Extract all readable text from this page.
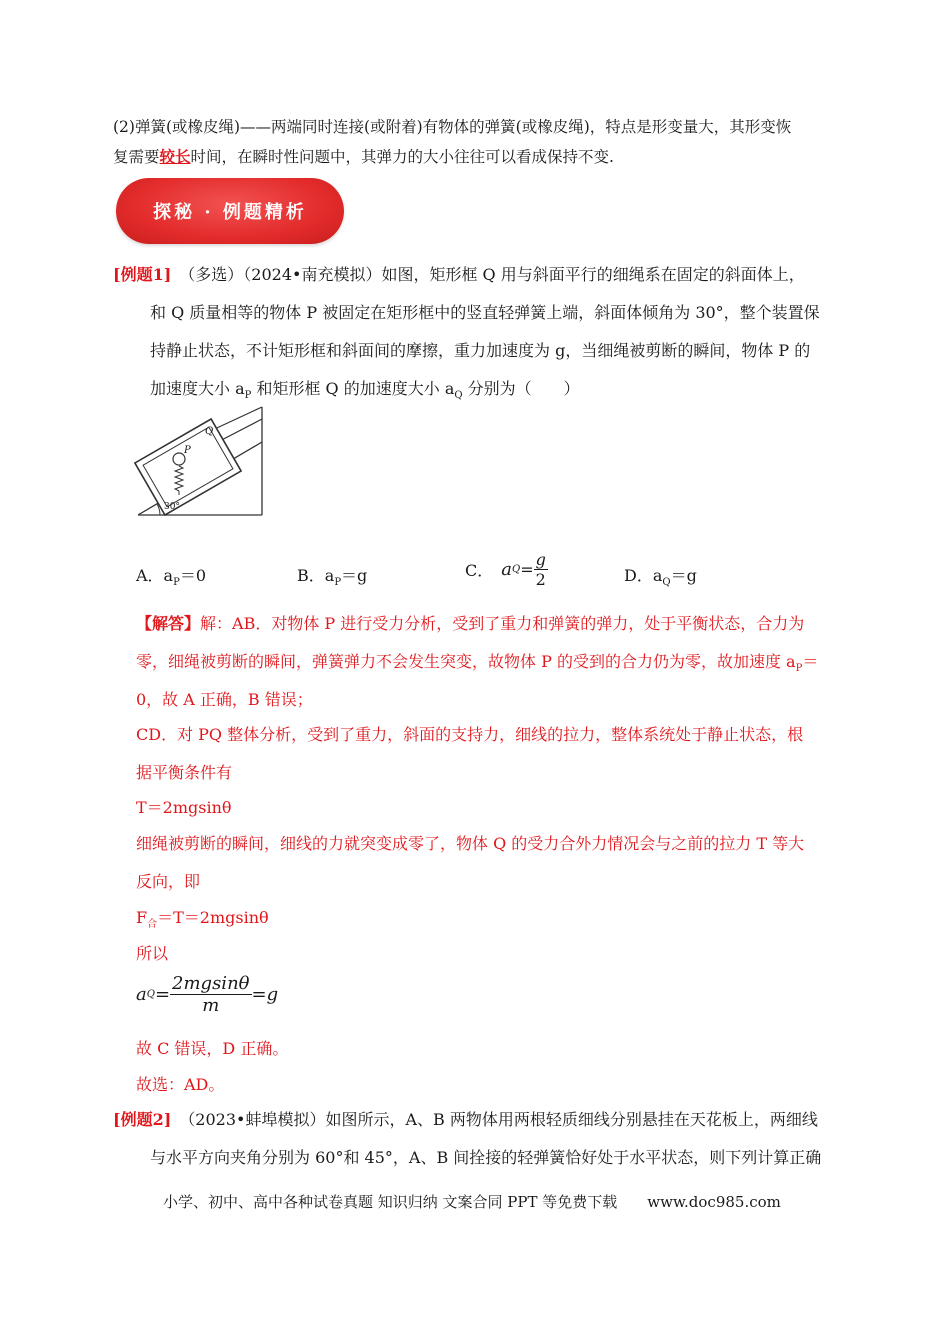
(2)弹簧(或橡皮绳)——两端同时连接(或附着)有物体的弹簧(或橡皮绳)，特点是形变量大，其形变恢
复需要较长时间，在瞬时性问题中，其弹力的大小往往可以看成保持不变.
探秘 · 例题精析
[例题1]　 （多选）（2024•南充模拟）如图，矩形框 Q 用与斜面平行的细绳系在固定的斜面体上，
和 Q 质量相等的物体 P 被固定在矩形框中的竖直轻弹簧上端，斜面体倾角为 30°，整个装置保
持静止状态，不计矩形框和斜面间的摩擦，重力加速度为 g，当细绳被剪断的瞬间，物体 P 的
加速度大小 $a_P$ 和矩形框 Q 的加速度大小 $a_Q$ 分别为（　　）
Q
P
30°
A．$a_P=0$	B．$a_P=g$	C． a $Q = \frac{g}{2}$	D．$a_Q=g$
【解答】解：AB．对物体 P 进行受力分析，受到了重力和弹簧的弹力，处于平衡状态，合力为
零，细绳被剪断的瞬间，弹簧弹力不会发生突变，故物体 P 的受到的合力仍为零，故加速度 $a_P=$
0，故 A 正确，B 错误；
CD．对 PQ 整体分析，受到了重力，斜面的支持力，细线的拉力，整体系统处于静止状态，根
据平衡条件有
T＝2mgsinθ
细绳被剪断的瞬间，细线的力就突变成零了，物体 Q 的受力合外力情况会与之前的拉力 T 等大
反向，即
$F_合=T=2mgsin\theta$
所以
a $Q = \frac{2mgsin\theta}{m} =g$
故 C 错误，D 正确。
故选：AD。
[例题2]　 （2023•蚌埠模拟）如图所示，A、B 两物体用两根轻质细线分别悬挂在天花板上，两细线
与水平方向夹角分别为 60°和 45°，A、B 间拴接的轻弹簧恰好处于水平状态，则下列计算正确
小学、初中、高中各种试卷真题 知识归纳 文案合同 PPT 等免费下载　　 www.doc985.com
